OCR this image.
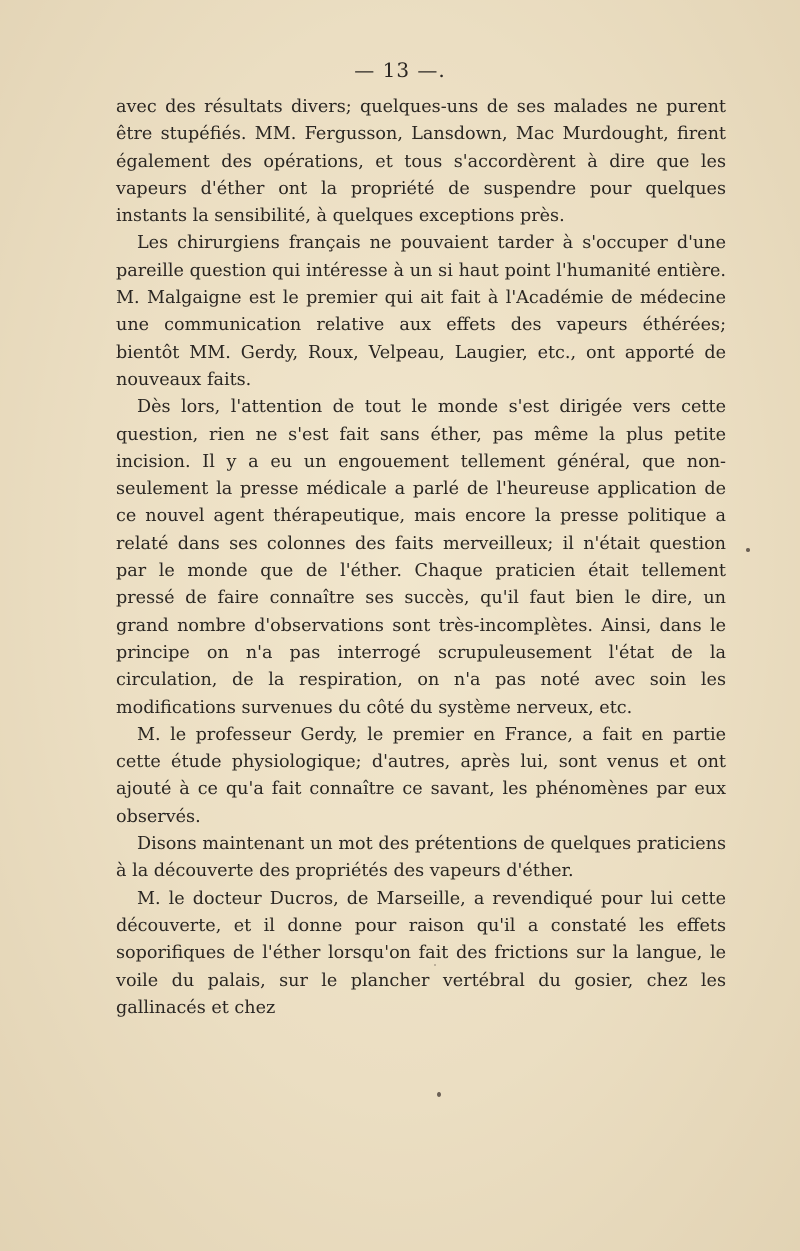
— 13 —.

avec des résultats divers; quelques-uns de ses malades ne purent être stupéfiés. MM. Fergusson, Lansdown, Mac Murdought, firent également des opérations, et tous s'accordèrent à dire que les vapeurs d'éther ont la propriété de suspendre pour quelques instants la sensibilité, à quelques exceptions près.

Les chirurgiens français ne pouvaient tarder à s'occuper d'une pareille question qui intéresse à un si haut point l'humanité entière. M. Malgaigne est le premier qui ait fait à l'Académie de médecine une communication relative aux effets des vapeurs éthérées; bientôt MM. Gerdy, Roux, Velpeau, Laugier, etc., ont apporté de nouveaux faits.

Dès lors, l'attention de tout le monde s'est dirigée vers cette question, rien ne s'est fait sans éther, pas même la plus petite incision. Il y a eu un engouement tellement général, que non-seulement la presse médicale a parlé de l'heureuse application de ce nouvel agent thérapeutique, mais encore la presse politique a relaté dans ses colonnes des faits merveilleux; il n'était question par le monde que de l'éther. Chaque praticien était tellement pressé de faire connaître ses succès, qu'il faut bien le dire, un grand nombre d'observations sont très-incomplètes. Ainsi, dans le principe on n'a pas interrogé scrupuleusement l'état de la circulation, de la respiration, on n'a pas noté avec soin les modifications survenues du côté du système nerveux, etc.

M. le professeur Gerdy, le premier en France, a fait en partie cette étude physiologique; d'autres, après lui, sont venus et ont ajouté à ce qu'a fait connaître ce savant, les phénomènes par eux observés.

Disons maintenant un mot des prétentions de quelques praticiens à la découverte des propriétés des vapeurs d'éther.

M. le docteur Ducros, de Marseille, a revendiqué pour lui cette découverte, et il donne pour raison qu'il a constaté les effets soporifiques de l'éther lorsqu'on fait des frictions sur la langue, le voile du palais, sur le plancher vertébral du gosier, chez les gallinacés et chez
